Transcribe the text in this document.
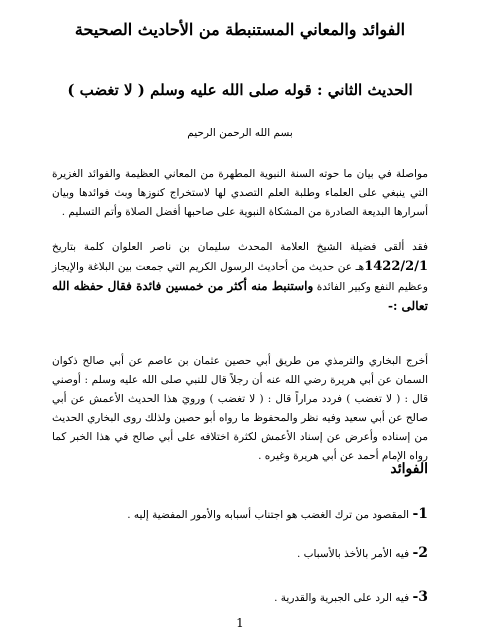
الفوائد والمعاني المستنبطة من الأحاديث الصحيحة
الحديث الثاني : قوله صلى الله عليه وسلم ( لا تغضب )
بسم الله الرحمن الرحيم
مواصلة في بيان ما حوته السنة النبوية المطهرة من المعاني العظيمة والفوائد الغزيرة التي ينبغي على العلماء وطلبة العلم التصدي لها لاستخراج كنوزها وبث فوائدها وبيان أسرارها البديعة الصادرة من المشكاة النبوية على صاحبها أفضل الصلاة وأتم التسليم .
فقد ألقى فضيلة الشيخ العلامة المحدث سليمان بن ناصر العلوان كلمة بتاريخ 1422/2/1هـ عن حديث من أحاديث الرسول الكريم التي جمعت بين البلاغة والإيجاز وعظيم النفع وكبير الفائدة واستنبط منه أكثر من خمسين فائدة فقال حفظه الله تعالى :-
أخرج البخاري والترمذي من طريق أبي حصين عثمان بن عاصم عن أبي صالح ذكوان السمان عن أبي هريرة رضي الله عنه أن رجلاً قال للنبي صلى الله عليه وسلم : أوصني قال : ( لا تغضب ) فردد مراراً قال : ( لا تغضب ) ورويَ هذا الحديث الأعمش عن أبي صالح عن أبي سعيد وفيه نظر والمحفوظ ما رواه أبو حصين ولذلك روى البخاري الحديث من إسناده وأعرض عن إسناد الأعمش لكثرة اختلافه على أبي صالح في هذا الخبر كما رواه الإمام أحمد عن أبي هريرة وغيره .
الفوائد
1- المقصود من ترك الغضب هو اجتناب أسبابه والأمور المفضية إليه .
2- فيه الأمر بالأخذ بالأسباب .
3- فيه الرد على الجبرية والقدرية .
1
